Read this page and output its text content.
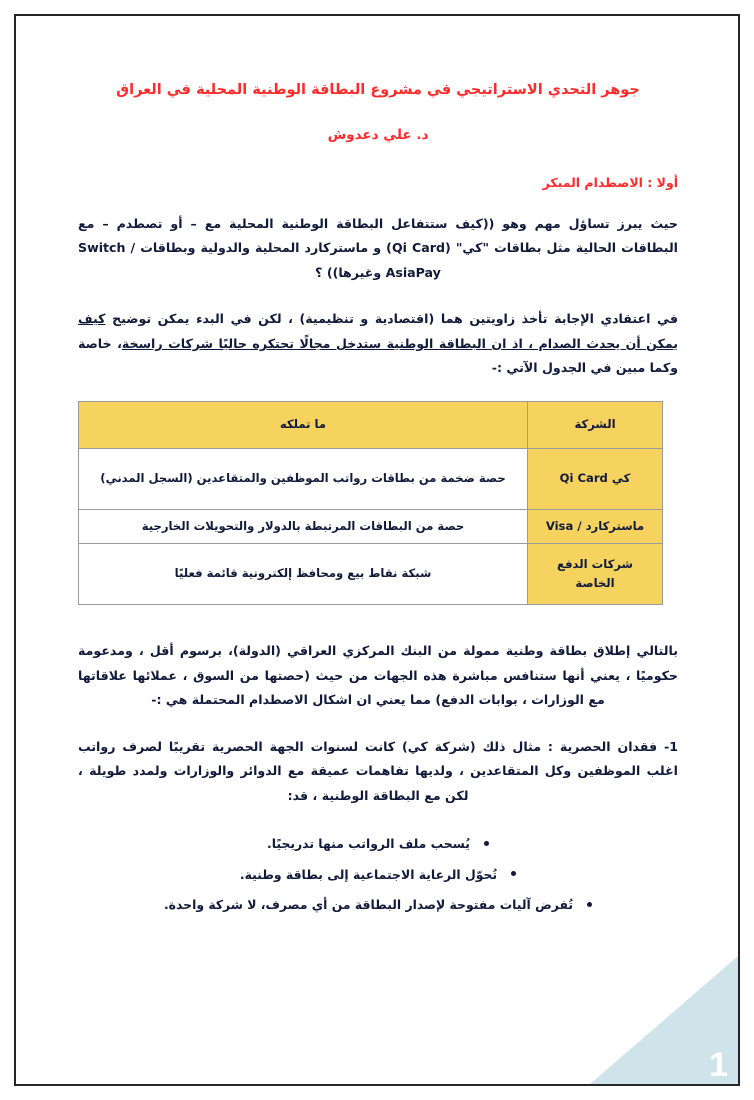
جوهر التحدي الاستراتيجي في مشروع البطاقة الوطنية المحلية في العراق
د. علي دعدوش
أولا : الاصطدام المبكر

حيث يبرز تساؤل مهم وهو ((كيف ستتفاعل البطاقة الوطنية المحلية مع – أو تصطدم – مع البطاقات الحالية مثل بطاقات "كي" (Qi Card) و ماستركارد المحلية والدولية وبطاقات Switch / AsiaPay وغيرها)) ؟

في اعتقادي الإجابة تأخذ زاويتين هما (اقتصادية و تنظيمية) ، لكن في البدء يمكن توضيح كيف يمكن أن يحدث الصدام ، اذ ان البطاقة الوطنية ستدخل مجالًا تحتكره حاليًا شركات راسخة، خاصة وكما مبين في الجدول الآتي :-

الشركة	ما تملكه
كي Qi Card	حصة ضخمة من بطاقات رواتب الموظفين والمتقاعدين (السجل المدني)
ماستركارد / Visa	حصة من البطاقات المرتبطة بالدولار والتحويلات الخارجية
شركات الدفع الخاصة	شبكة نقاط بيع ومحافظ إلكترونية قائمة فعليًا

بالتالي إطلاق بطاقة وطنية ممولة من البنك المركزي العراقي (الدولة)، برسوم أقل ، ومدعومة حكوميًا ، يعني أنها ستنافس مباشرة هذه الجهات من حيث (حصتها من السوق ، عملائها علاقاتها مع الوزارات ، بوابات الدفع) مما يعني ان اشكال الاصطدام المحتملة هي :-

1- فقدان الحصرية : مثال ذلك (شركة كي) كانت لسنوات الجهة الحصرية تقريبًا لصرف رواتب اغلب الموظفين وكل المتقاعدين ، ولديها تفاهمات عميقة مع الدوائر والوزارات ولمدد طويلة ، لكن مع البطاقة الوطنية ، قد:

يُسحب ملف الرواتب منها تدريجيًا.
تُحوّل الرعاية الاجتماعية إلى بطاقة وطنية.
تُفرض آليات مفتوحة لإصدار البطاقة من أي مصرف، لا شركة واحدة.
1
